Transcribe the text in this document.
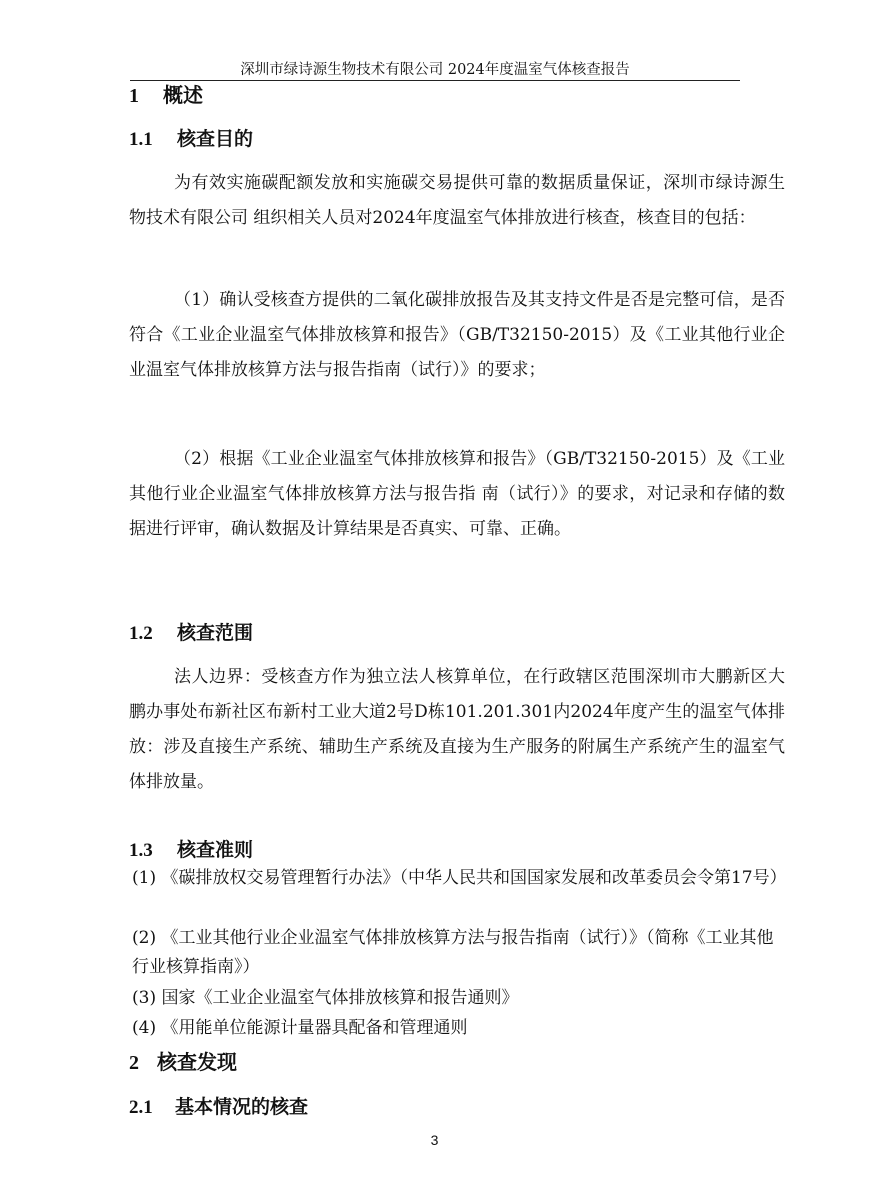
深圳市绿诗源生物技术有限公司 2024年度温室气体核查报告
1 概述
1.1 核查目的
为有效实施碳配额发放和实施碳交易提供可靠的数据质量保证，深圳市绿诗源生物技术有限公司 组织相关人员对2024年度温室气体排放进行核查，核查目的包括：
（1）确认受核查方提供的二氧化碳排放报告及其支持文件是否是完整可信，是否符合《工业企业温室气体排放核算和报告》（GB/T32150-2015）及《工业其他行业企业温室气体排放核算方法与报告指南（试行）》的要求；
（2）根据《工业企业温室气体排放核算和报告》（GB/T32150-2015）及《工业其他行业企业温室气体排放核算方法与报告指 南（试行）》的要求，对记录和存储的数据进行评审，确认数据及计算结果是否真实、可靠、正确。
1.2 核查范围
法人边界：受核查方作为独立法人核算单位，在行政辖区范围深圳市大鹏新区大鹏办事处布新社区布新村工业大道2号D栋101.201.301内2024年度产生的温室气体排放：涉及直接生产系统、辅助生产系统及直接为生产服务的附属生产系统产生的温室气体排放量。
1.3 核查准则
(1) 《碳排放权交易管理暂行办法》（中华人民共和国国家发展和改革委员会令第17号）
(2) 《工业其他行业企业温室气体排放核算方法与报告指南（试行）》（简称《工业其他行业核算指南》）
(3) 国家《工业企业温室气体排放核算和报告通则》
(4) 《用能单位能源计量器具配备和管理通则
2 核查发现
2.1 基本情况的核查
3
